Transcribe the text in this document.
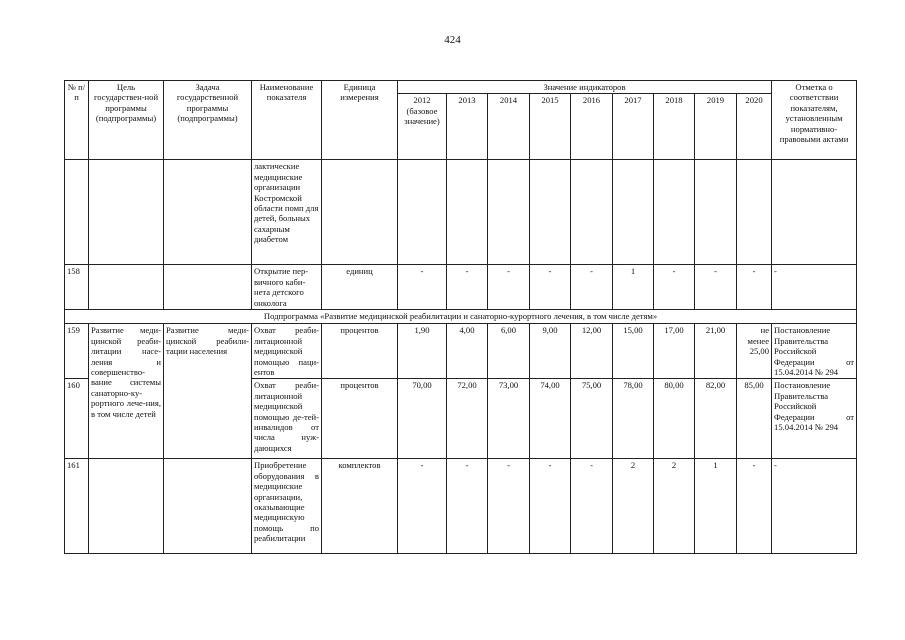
424
№ п/п	Цель государствен-ной программы (подпрограммы)	Задача государственной программы (подпрограммы)	Наименование показателя	Единица измерения	Значение индикаторов									Отметка о соответствии показателям, установленным нормативно-правовыми актами
					2012 (базовое значение)	2013	2014	2015	2016	2017	2018	2019	2020	
			лактические медицинские организации Костромской области помп для детей, больных сахарным диабетом											
158			Открытие пер-вичного каби-нета детского онколога	единиц	-	-	-	-	-	1	-	-	-	-
Подпрограмма «Развитие медицинской реабилитации и санаторно-курортного лечения, в том числе детям»														
159	Развитие меди-цинской реаби-литации насе-ления и совершенство-вание системы санаторно-ку-рортного лече-ния, в том числе детей	Развитие меди-цинской реабили-тации населения	Охват реаби-литационной медицинской помощью паци-ентов	процентов	1,90	4,00	6,00	9,00	12,00	15,00	17,00	21,00	не менее 25,00	Постановление Правительства Российской Федерации от 15.04.2014 № 294
160			Охват реаби-литационной медицинской помощью де-тей-инвалидов от числа нуж-дающихся	процентов	70,00	72,00	73,00	74,00	75,00	78,00	80,00	82,00	85,00	Постановление Правительства Российской Федерации от 15.04.2014 № 294
161			Приобретение оборудования в медицинские организации, оказывающие медицинскую помощь по реабилитации	комплектов	-	-	-	-	-	2	2	1	-	-
